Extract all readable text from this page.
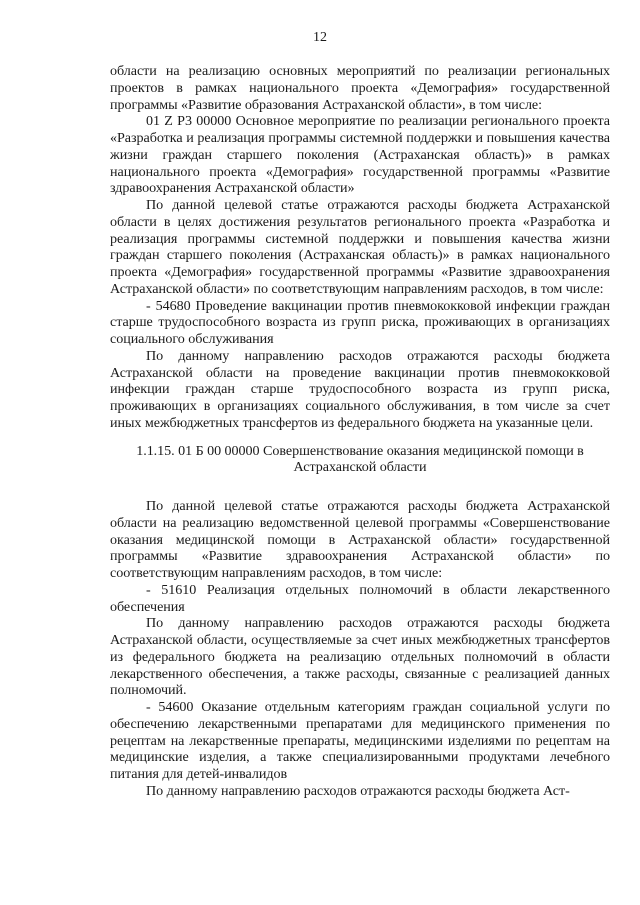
12

области на реализацию основных мероприятий по реализации региональных проектов в рамках национального проекта «Демография» государственной программы «Развитие образования Астраханской области», в том числе:

01 Z P3 00000 Основное мероприятие по реализации регионального проекта «Разработка и реализация программы системной поддержки и повышения качества жизни граждан старшего поколения (Астраханская область)» в рамках национального проекта «Демография» государственной программы «Развитие здравоохранения Астраханской области»

По данной целевой статье отражаются расходы бюджета Астраханской области в целях достижения результатов регионального проекта «Разработка и реализация программы системной поддержки и повышения качества жизни граждан старшего поколения (Астраханская область)» в рамках национального проекта «Демография» государственной программы «Развитие здравоохранения Астраханской области» по соответствующим направлениям расходов, в том числе:

- 54680 Проведение вакцинации против пневмококковой инфекции граждан старше трудоспособного возраста из групп риска, проживающих в организациях социального обслуживания

По данному направлению расходов отражаются расходы бюджета Астраханской области на проведение вакцинации против пневмококковой инфекции граждан старше трудоспособного возраста из групп риска, проживающих в организациях социального обслуживания, в том числе за счет иных межбюджетных трансфертов из федерального бюджета на указанные цели.

1.1.15. 01 Б 00 00000 Совершенствование оказания медицинской помощи в Астраханской области

По данной целевой статье отражаются расходы бюджета Астраханской области на реализацию ведомственной целевой программы «Совершенствование оказания медицинской помощи в Астраханской области» государственной программы «Развитие здравоохранения Астраханской области» по соответствующим направлениям расходов, в том числе:

- 51610 Реализация отдельных полномочий в области лекарственного обеспечения

По данному направлению расходов отражаются расходы бюджета Астраханской области, осуществляемые за счет иных межбюджетных трансфертов из федерального бюджета на реализацию отдельных полномочий в области лекарственного обеспечения, а также расходы, связанные с реализацией данных полномочий.

- 54600 Оказание отдельным категориям граждан социальной услуги по обеспечению лекарственными препаратами для медицинского применения по рецептам на лекарственные препараты, медицинскими изделиями по рецептам на медицинские изделия, а также специализированными продуктами лечебного питания для детей-инвалидов

По данному направлению расходов отражаются расходы бюджета Аст-
